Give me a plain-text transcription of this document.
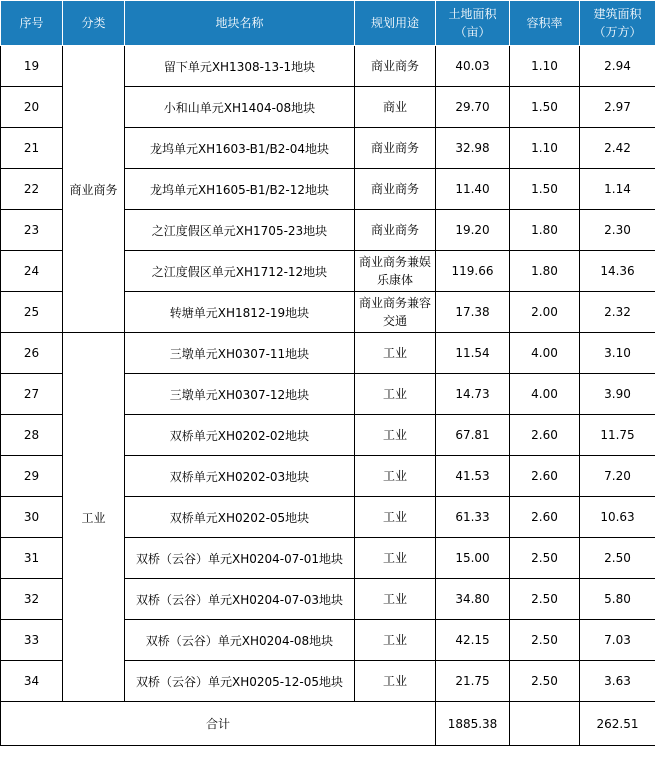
序号	分类	地块名称	规划用途	土地面积（亩）	容积率	建筑面积（万方）
19	商业商务	留下单元XH1308-13-1地块	商业商务	40.03	1.10	2.94
20		小和山单元XH1404-08地块	商业	29.70	1.50	2.97
21		龙坞单元XH1603-B1/B2-04地块	商业商务	32.98	1.10	2.42
22		龙坞单元XH1605-B1/B2-12地块	商业商务	11.40	1.50	1.14
23		之江度假区单元XH1705-23地块	商业商务	19.20	1.80	2.30
24		之江度假区单元XH1712-12地块	商业商务兼娱乐康体	119.66	1.80	14.36
25		转塘单元XH1812-19地块	商业商务兼容交通	17.38	2.00	2.32
26	工业	三墩单元XH0307-11地块	工业	11.54	4.00	3.10
27		三墩单元XH0307-12地块	工业	14.73	4.00	3.90
28		双桥单元XH0202-02地块	工业	67.81	2.60	11.75
29		双桥单元XH0202-03地块	工业	41.53	2.60	7.20
30		双桥单元XH0202-05地块	工业	61.33	2.60	10.63
31		双桥（云谷）单元XH0204-07-01地块	工业	15.00	2.50	2.50
32		双桥（云谷）单元XH0204-07-03地块	工业	34.80	2.50	5.80
33		双桥（云谷）单元XH0204-08地块	工业	42.15	2.50	7.03
34		双桥（云谷）单元XH0205-12-05地块	工业	21.75	2.50	3.63
合计				1885.38		262.51
